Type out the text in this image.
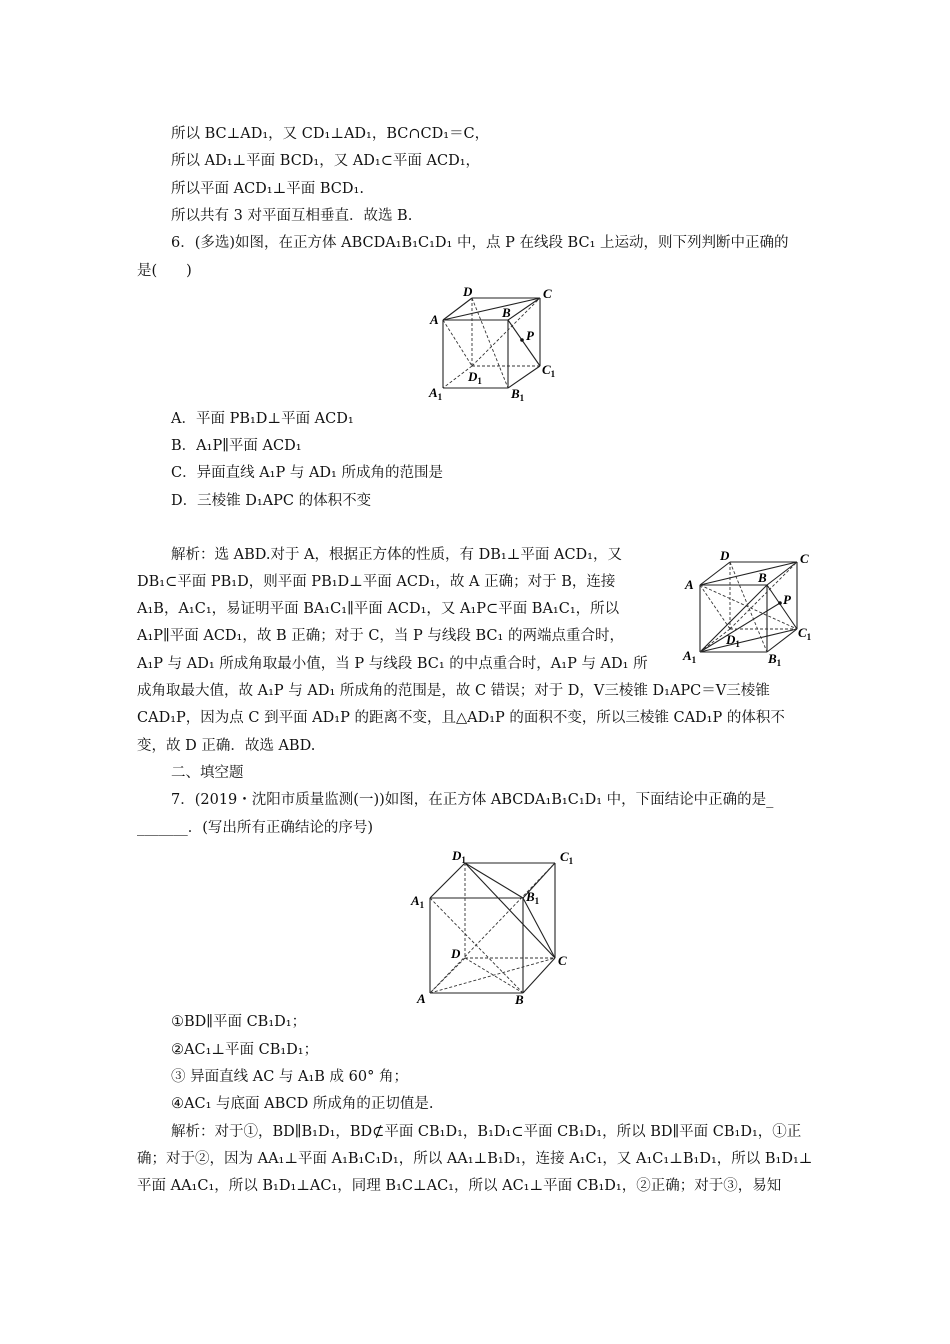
所以 BC⊥AD₁，又 CD₁⊥AD₁，BC∩CD₁＝C，
所以 AD₁⊥平面 BCD₁，又 AD₁⊂平面 ACD₁，
所以平面 ACD₁⊥平面 BCD₁.
所以共有 3 对平面互相垂直．故选 B.
6．(多选)如图，在正方体 ABCDA₁B₁C₁D₁ 中，点 P 在线段 BC₁ 上运动，则下列判断中正确的
是(　　)
D	C
A	B
P
$D_1$
$C_1$
$A_1$	$B_1$
A．平面 PB₁D⊥平面 ACD₁
B．A₁P∥平面 ACD₁
C．异面直线 A₁P 与 AD₁ 所成角的范围是
D．三棱锥 D₁APC 的体积不变
解析：选 ABD.对于 A，根据正方体的性质，有 DB₁⊥平面 ACD₁，又
DB₁⊂平面 PB₁D，则平面 PB₁D⊥平面 ACD₁，故 A 正确；对于 B，连接
A₁B，A₁C₁，易证明平面 BA₁C₁∥平面 ACD₁，又 A₁P⊂平面 BA₁C₁，所以
A₁P∥平面 ACD₁，故 B 正确；对于 C，当 P 与线段 BC₁ 的两端点重合时，
A₁P 与 AD₁ 所成角取最小值，当 P 与线段 BC₁ 的中点重合时，A₁P 与 AD₁ 所
成角取最大值，故 A₁P 与 AD₁ 所成角的范围是，故 C 错误；对于 D，V三棱锥 D₁APC＝V三棱锥
CAD₁P，因为点 C 到平面 AD₁P 的距离不变，且△AD₁P 的面积不变，所以三棱锥 CAD₁P 的体积不
变，故 D 正确．故选 ABD.
D	C
A	B
P
$D_1$
$C_1$
$A_1$	$B_1$
二、填空题
7．(2019・沈阳市质量监测(一))如图，在正方体 ABCDA₁B₁C₁D₁ 中，下面结论中正确的是_
_______．(写出所有正确结论的序号)
$D_1$	$C_1$
$A_1$
$B_1$
D	C
A	B
①BD∥平面 CB₁D₁；
②AC₁⊥平面 CB₁D₁；
③ 异面直线 AC 与 A₁B 成 60° 角；
④AC₁ 与底面 ABCD 所成角的正切值是.
解析：对于①，BD∥B₁D₁，BD⊄平面 CB₁D₁，B₁D₁⊂平面 CB₁D₁，所以 BD∥平面 CB₁D₁，①正
确；对于②，因为 AA₁⊥平面 A₁B₁C₁D₁，所以 AA₁⊥B₁D₁，连接 A₁C₁，又 A₁C₁⊥B₁D₁，所以 B₁D₁⊥
平面 AA₁C₁，所以 B₁D₁⊥AC₁，同理 B₁C⊥AC₁，所以 AC₁⊥平面 CB₁D₁，②正确；对于③，易知
